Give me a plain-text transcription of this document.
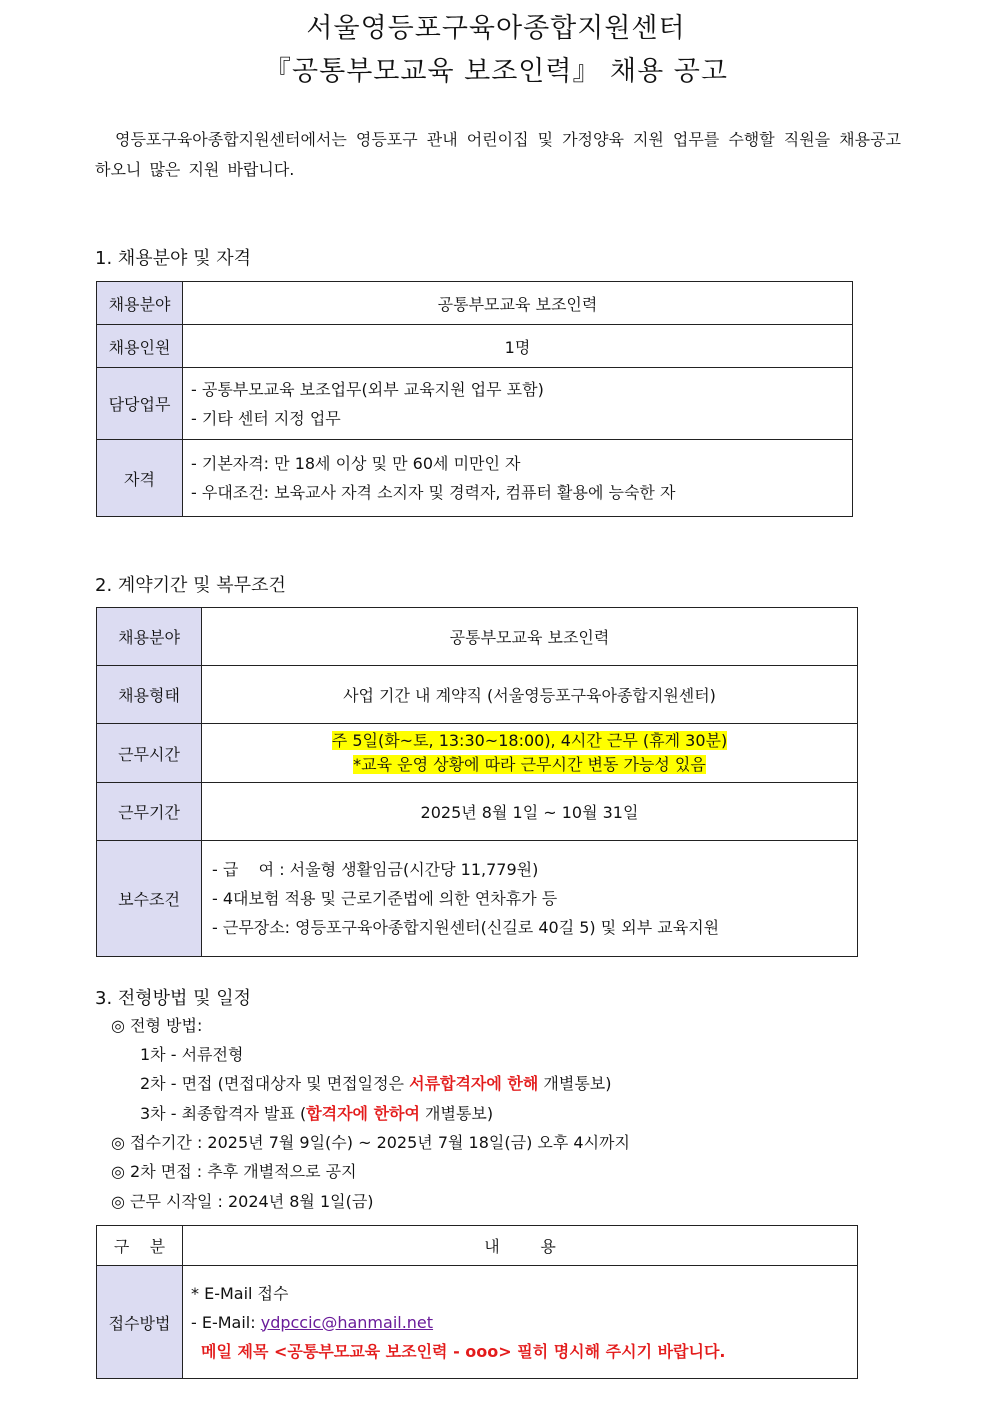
서울영등포구육아종합지원센터
『공통부모교육 보조인력』 채용 공고
영등포구육아종합지원센터에서는 영등포구 관내 어린이집 및 가정양육 지원 업무를 수행할 직원을 채용공고 하오니 많은 지원 바랍니다.
1. 채용분야 및 자격
채용분야	공통부모교육 보조인력
채용인원	1명
담당업무	- 공통부모교육 보조업무(외부 교육지원 업무 포함)
- 기타 센터 지정 업무

자격	- 기본자격: 만 18세 이상 및 만 60세 미만인 자
- 우대조건: 보육교사 자격 소지자 및 경력자, 컴퓨터 활용에 능숙한 자
2. 계약기간 및 복무조건
채용분야	공통부모교육 보조인력
채용형태	사업 기간 내 계약직 (서울영등포구육아종합지원센터)
근무시간	주 5일(화~토, 13:30~18:00), 4시간 근무 (휴게 30분)
*교육 운영 상황에 따라 근무시간 변동 가능성 있음

근무기간	2025년 8월 1일 ~ 10월 31일
보수조건	- 급    여 : 서울형 생활임금(시간당 11,779원)
- 4대보험 적용 및 근로기준법에 의한 연차휴가 등
- 근무장소: 영등포구육아종합지원센터(신길로 40길 5) 및 외부 교육지원
3. 전형방법 및 일정
◎ 전형 방법:
1차 - 서류전형
2차 - 면접 (면접대상자 및 면접일정은 서류합격자에 한해 개별통보)
3차 - 최종합격자 발표 (합격자에 한하여 개별통보)
◎ 접수기간 : 2025년 7월 9일(수) ~ 2025년 7월 18일(금) 오후 4시까지
◎ 2차 면접 : 추후 개별적으로 공지
◎ 근무 시작일 : 2024년 8월 1일(금)
구    분	내        용
접수방법	* E-Mail 접수
- E-Mail: ydpccic@hanmail.net
메일 제목 <공통부모교육 보조인력 - ooo> 필히 명시해 주시기 바랍니다.
